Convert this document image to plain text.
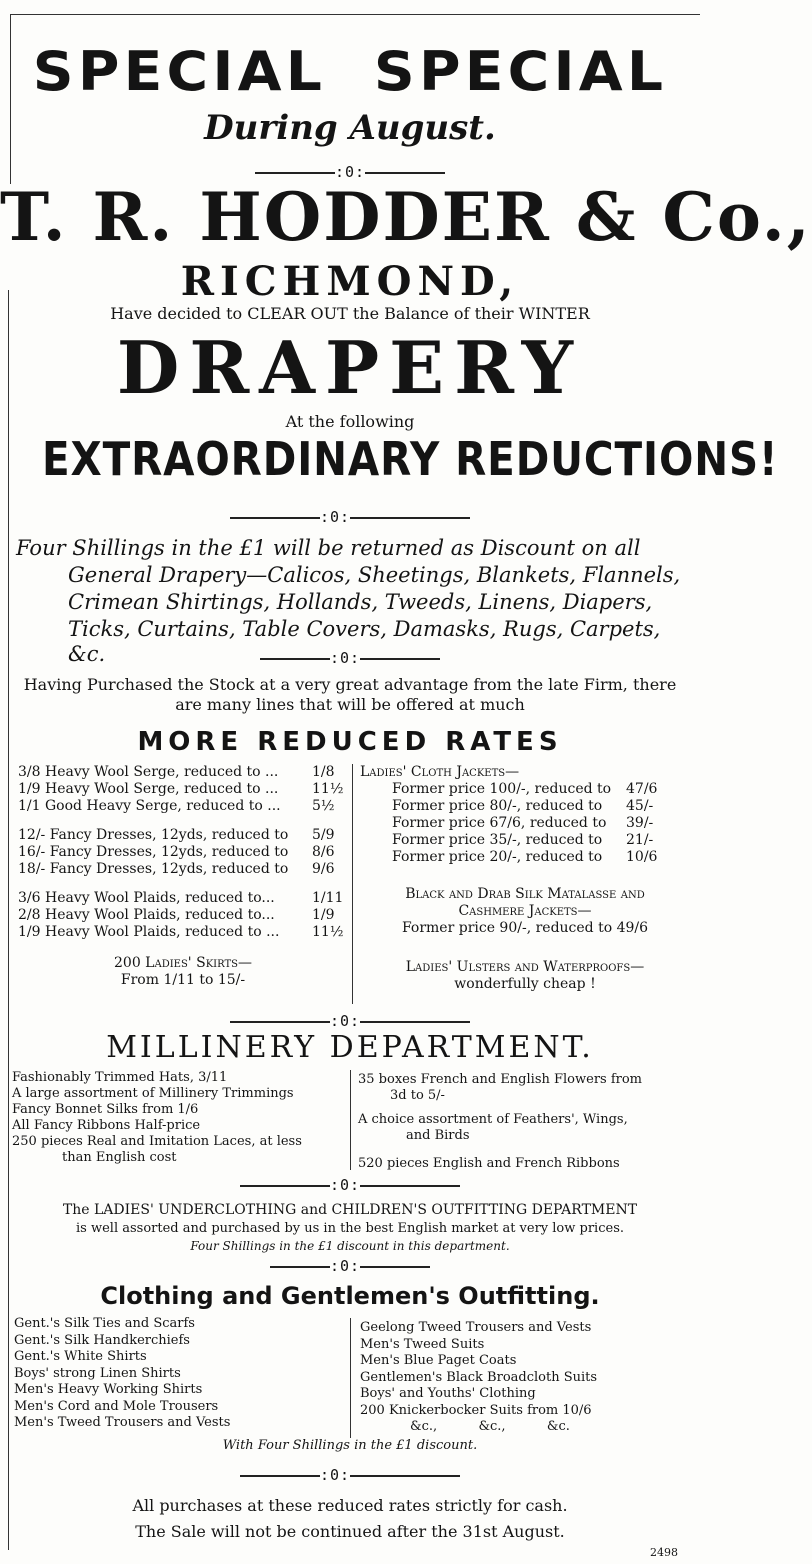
SPECIAL SPECIAL
During August.
:0:
T. R. HODDER & Co.,
RICHMOND,
Have decided to CLEAR OUT the Balance of their WINTER
DRAPERY
At the following
EXTRAORDINARY REDUCTIONS!
:0:
Four Shillings in the £1 will be returned as Discount on all
General Drapery—Calicos, Sheetings, Blankets, Flannels,
Crimean Shirtings, Hollands, Tweeds, Linens, Diapers,
Ticks, Curtains, Table Covers, Damasks, Rugs, Carpets, &c.	:0:
Having Purchased the Stock at a very great advantage from the late Firm, there
are many lines that will be offered at much
MORE REDUCED RATES
3/8 Heavy Wool Serge, reduced to ... 1/8
1/9 Heavy Wool Serge, reduced to ... 11½
1/1 Good Heavy Serge, reduced to ... 5½
12/- Fancy Dresses, 12yds, reduced to 5/9
16/- Fancy Dresses, 12yds, reduced to 8/6
18/- Fancy Dresses, 12yds, reduced to 9/6
3/6 Heavy Wool Plaids, reduced to...	1/11
2/8 Heavy Wool Plaids, reduced to...	1/9
1/9 Heavy Wool Plaids, reduced to ... 11½
200 Ladies' Skirts—
From 1/11 to 15/-
Ladies' Cloth Jackets—
Former price 100/-, reduced to 47/6
Former price 80/-, reduced to 45/-
Former price 67/6, reduced to 39/-
Former price 35/-, reduced to 21/-
Former price 20/-, reduced to 10/6
Black and Drab Silk Matalasse and
Cashmere Jackets—
Former price 90/-, reduced to 49/6
Ladies' Ulsters and Waterproofs—
wonderfully cheap !
:0:
MILLINERY DEPARTMENT.
Fashionably Trimmed Hats, 3/11
A large assortment of Millinery Trimmings
Fancy Bonnet Silks from 1/6
All Fancy Ribbons Half-price
250 pieces Real and Imitation Laces, at less
than English cost
35 boxes French and English Flowers from
3d to 5/-
A choice assortment of Feathers', Wings,
and Birds
520 pieces English and French Ribbons
:0:
The LADIES' UNDERCLOTHING and CHILDREN'S OUTFITTING DEPARTMENT
is well assorted and purchased by us in the best English market at very low prices.
Four Shillings in the £1 discount in this department.
:0:
Clothing and Gentlemen's Outfitting.
Gent.'s Silk Ties and Scarfs
Gent.'s Silk Handkerchiefs
Gent.'s White Shirts
Boys' strong Linen Shirts
Men's Heavy Working Shirts
Men's Cord and Mole Trousers
Men's Tweed Trousers and Vests
Geelong Tweed Trousers and Vests
Men's Tweed Suits
Men's Blue Paget Coats
Gentlemen's Black Broadcloth Suits
Boys' and Youths' Clothing
200 Knickerbocker Suits from 10/6
&c.,          &c.,          &c.
With Four Shillings in the £1 discount.
:0:
All purchases at these reduced rates strictly for cash.
The Sale will not be continued after the 31st August.
2498
